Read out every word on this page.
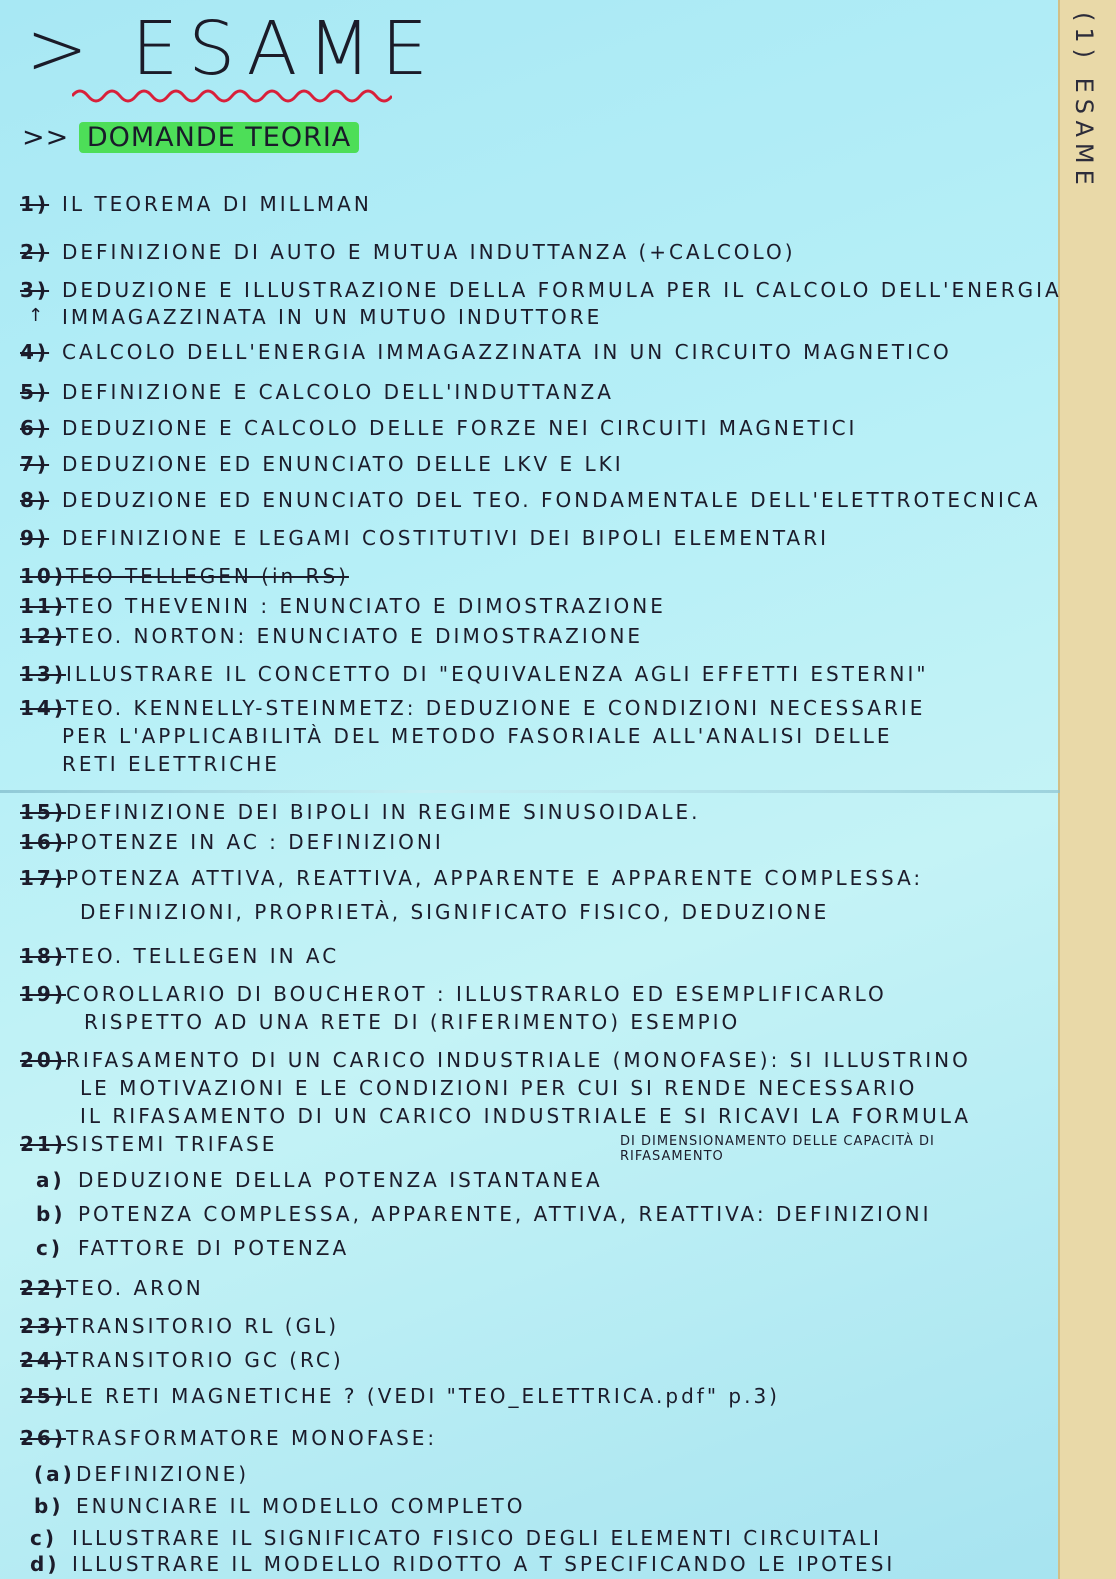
(1) ESAME
> ESAME
>> DOMANDE TEORIA
1) IL TEOREMA DI MILLMAN
2) DEFINIZIONE DI AUTO E MUTUA INDUTTANZA (+CALCOLO)
3) DEDUZIONE E ILLUSTRAZIONE DELLA FORMULA PER IL CALCOLO DELL'ENERGIA
IMMAGAZZINATA IN UN MUTUO INDUTTORE
↑
4) CALCOLO DELL'ENERGIA IMMAGAZZINATA IN UN CIRCUITO MAGNETICO
5) DEFINIZIONE E CALCOLO DELL'INDUTTANZA
6) DEDUZIONE E CALCOLO DELLE FORZE NEI CIRCUITI MAGNETICI
7) DEDUZIONE ED ENUNCIATO DELLE LKV E LKI
8) DEDUZIONE ED ENUNCIATO DEL TEO. FONDAMENTALE DELL'ELETTROTECNICA
9) DEFINIZIONE E LEGAMI COSTITUTIVI DEI BIPOLI ELEMENTARI
10)TEO TELLEGEN (in RS)
11)TEO THEVENIN : ENUNCIATO E DIMOSTRAZIONE
12)TEO. NORTON: ENUNCIATO E DIMOSTRAZIONE
13)ILLUSTRARE IL CONCETTO DI "EQUIVALENZA AGLI EFFETTI ESTERNI"
14)TEO. KENNELLY-STEINMETZ: DEDUZIONE E CONDIZIONI NECESSARIE
PER L'APPLICABILITÀ DEL METODO FASORIALE ALL'ANALISI DELLE
RETI ELETTRICHE
15)DEFINIZIONE DEI BIPOLI IN REGIME SINUSOIDALE.
16)POTENZE IN AC : DEFINIZIONI
17)POTENZA ATTIVA, REATTIVA, APPARENTE E APPARENTE COMPLESSA:
DEFINIZIONI, PROPRIETÀ, SIGNIFICATO FISICO, DEDUZIONE
18)TEO. TELLEGEN IN AC
19)COROLLARIO DI BOUCHEROT : ILLUSTRARLO ED ESEMPLIFICARLO
RISPETTO AD UNA RETE DI (RIFERIMENTO) ESEMPIO
20)RIFASAMENTO DI UN CARICO INDUSTRIALE (MONOFASE): SI ILLUSTRINO
LE MOTIVAZIONI E LE CONDIZIONI PER CUI SI RENDE NECESSARIO
IL RIFASAMENTO DI UN CARICO INDUSTRIALE E SI RICAVI LA FORMULA
21)SISTEMI TRIFASE	DI DIMENSIONAMENTO DELLE CAPACITÀ DI RIFASAMENTO
a) DEDUZIONE DELLA POTENZA ISTANTANEA
b) POTENZA COMPLESSA, APPARENTE, ATTIVA, REATTIVA: DEFINIZIONI
c) FATTORE DI POTENZA
22)TEO. ARON
23)TRANSITORIO RL (GL)
24)TRANSITORIO GC (RC)
25)LE RETI MAGNETICHE ? (VEDI "TEO_ELETTRICA.pdf" p.3)
26)TRASFORMATORE MONOFASE:
(a)DEFINIZIONE)
b) ENUNCIARE IL MODELLO COMPLETO
c) ILLUSTRARE IL SIGNIFICATO FISICO DEGLI ELEMENTI CIRCUITALI
d) ILLUSTRARE IL MODELLO RIDOTTO A T SPECIFICANDO LE IPOTESI
